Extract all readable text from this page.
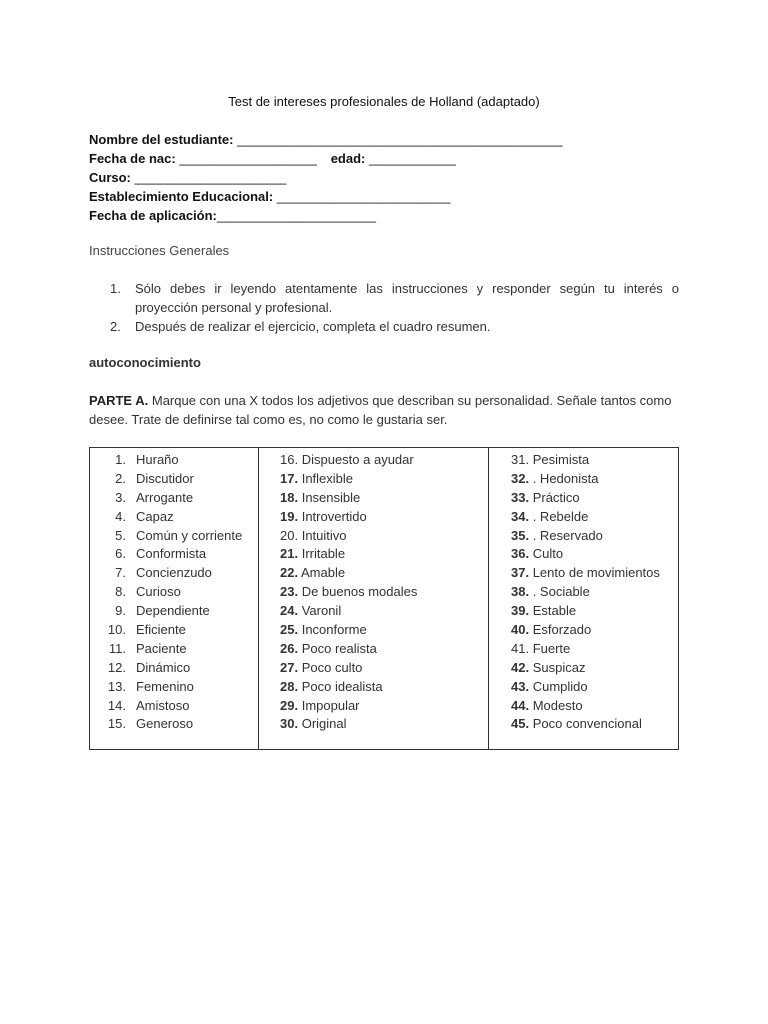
Test de intereses profesionales de Holland (adaptado)
Nombre del estudiante: _____________________________________________
Fecha de nac: ___________________ edad: ____________
Curso: _____________________
Establecimiento Educacional: ________________________
Fecha de aplicación:______________________
Instrucciones Generales
1. Sólo debes ir leyendo atentamente las instrucciones y responder según tu interés o proyección personal y profesional.
2. Después de realizar el ejercicio, completa el cuadro resumen.
autoconocimiento
PARTE A. Marque con una X todos los adjetivos que describan su personalidad. Señale tantos como desee. Trate de definirse tal como es, no como le gustaria ser.
1. Huraño
2. Discutidor
3. Arrogante
4. Capaz
5. Común y corriente
6. Conformista
7. Concienzudo
8. Curioso
9. Dependiente
10. Eficiente
11. Paciente
12. Dinámico
13. Femenino
14. Amistoso
15. Generoso
16. Dispuesto a ayudar
17. Inflexible
18. Insensible
19. Introvertido
20. Intuitivo
21. Irritable
22. Amable
23. De buenos modales
24. Varonil
25. Inconforme
26. Poco realista
27. Poco culto
28. Poco idealista
29. Impopular
30. Original
31. Pesimista
32. . Hedonista
33. Práctico
34. . Rebelde
35. . Reservado
36. Culto
37. Lento de movimientos
38. . Sociable
39. Estable
40. Esforzado
41. Fuerte
42. Suspicaz
43. Cumplido
44. Modesto
45. Poco convencional
